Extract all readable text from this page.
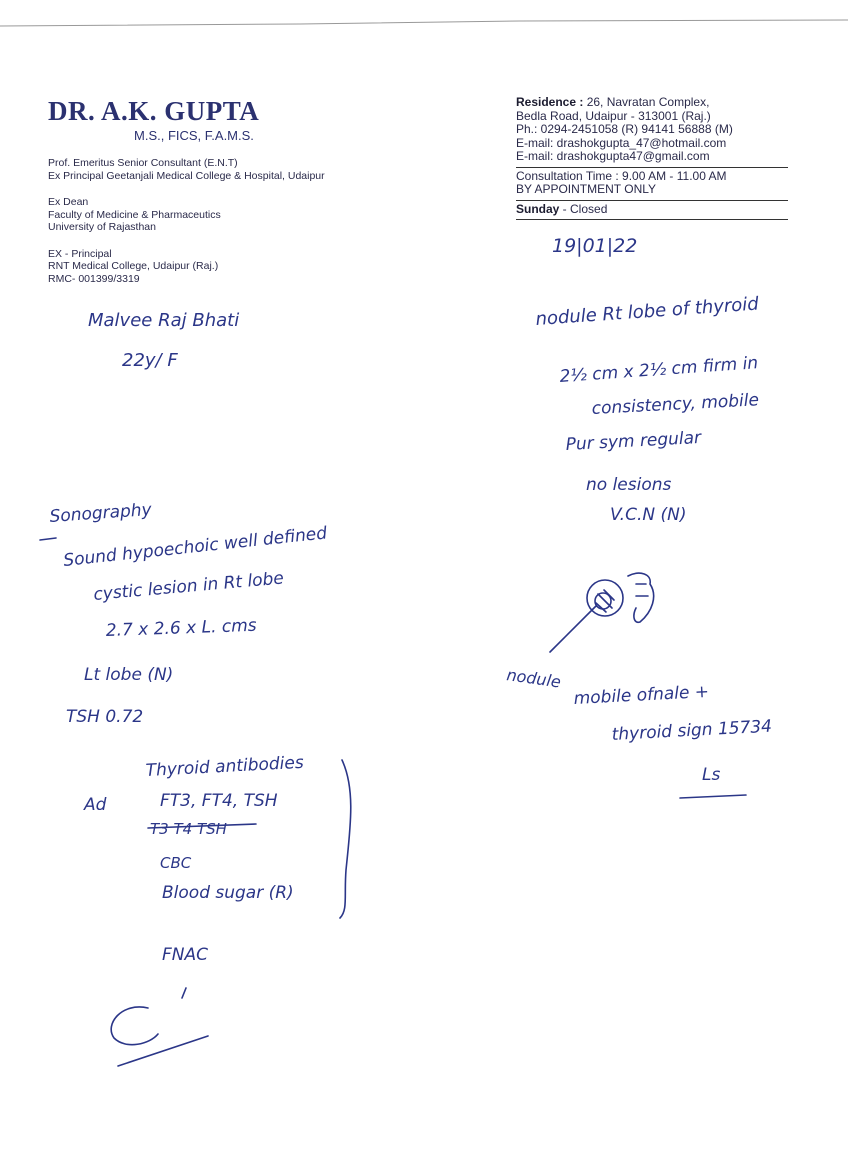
DR. A.K. GUPTA
M.S., FICS, F.A.M.S.
Prof. Emeritus Senior Consultant (E.N.T)
Ex Principal Geetanjali Medical College & Hospital, Udaipur
Ex Dean
Faculty of Medicine & Pharmaceutics
University of Rajasthan
EX - Principal
RNT Medical College, Udaipur (Raj.)
RMC- 001399/3319
Residence : 26, Navratan Complex,
Bedla Road, Udaipur - 313001 (Raj.)
Ph.: 0294-2451058 (R) 94141 56888 (M)
E-mail: drashokgupta_47@hotmail.com
E-mail: drashokgupta47@gmail.com
Consultation Time : 9.00 AM - 11.00 AM
BY APPOINTMENT ONLY
Sunday - Closed
19|01|22
Malvee Raj Bhati
22y/ F
nodule Rt lobe of thyroid
2½ cm x 2½ cm firm in
consistency, mobile
Pur sym regular
no lesions
V.C.N (N)
nodule
mobile ofnale +
thyroid sign 15734
Ls
Sonography
Sound hypoechoic well defined
cystic lesion in Rt lobe
2.7 x 2.6 x L. cms
Lt lobe (N)
TSH 0.72
Ad
Thyroid antibodies
FT3, FT4, TSH
T3 T4 TSH
CBC
Blood sugar (R)
FNAC
